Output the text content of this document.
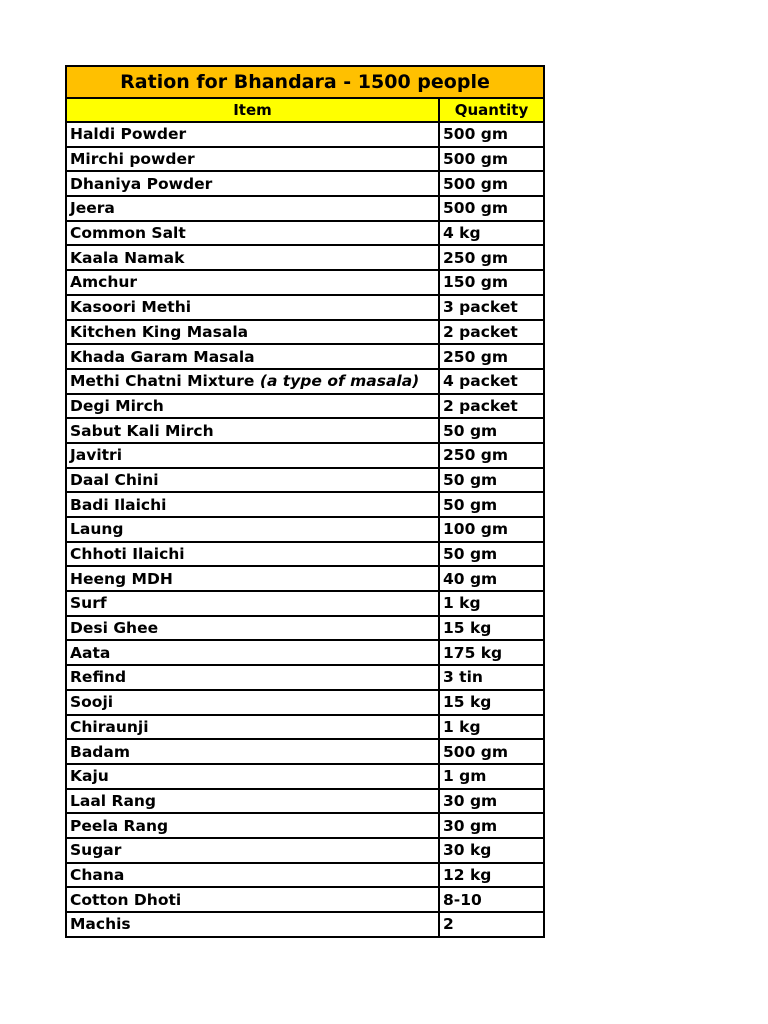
Ration for Bhandara - 1500 people	
Item	Quantity
Haldi Powder	500 gm
Mirchi powder	500 gm
Dhaniya Powder	500 gm
Jeera	500 gm
Common Salt	4 kg
Kaala Namak	250 gm
Amchur	150 gm
Kasoori Methi	3 packet
Kitchen King Masala	2 packet
Khada Garam Masala	250 gm
Methi Chatni Mixture (a type of masala)	4 packet
Degi Mirch	2 packet
Sabut Kali Mirch	50 gm
Javitri	250 gm
Daal Chini	50 gm
Badi Ilaichi	50 gm
Laung	100 gm
Chhoti Ilaichi	50 gm
Heeng MDH	40 gm
Surf	1 kg
Desi Ghee	15 kg
Aata	175 kg
Refind	3 tin
Sooji	15 kg
Chiraunji	1 kg
Badam	500 gm
Kaju	1 gm
Laal Rang	30 gm
Peela Rang	30 gm
Sugar	30 kg
Chana	12 kg
Cotton Dhoti	8-10
Machis	2
